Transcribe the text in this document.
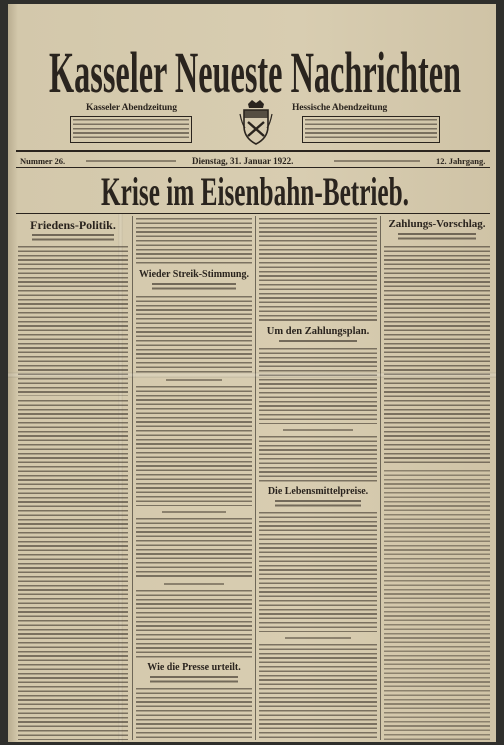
Kasseler Neueste Nachrichten
Kasseler Abendzeitung	Hessische Abendzeitung
Nummer 26.	Dienstag, 31. Januar 1922.	12. Jahrgang.
Krise im Eisenbahn-Betrieb.
Friedens-Politik.
Wieder Streik-Stimmung.
Wie die Presse urteilt.
Um den Zahlungsplan.
Die Lebensmittelpreise.
Zahlungs-Vorschlag.
